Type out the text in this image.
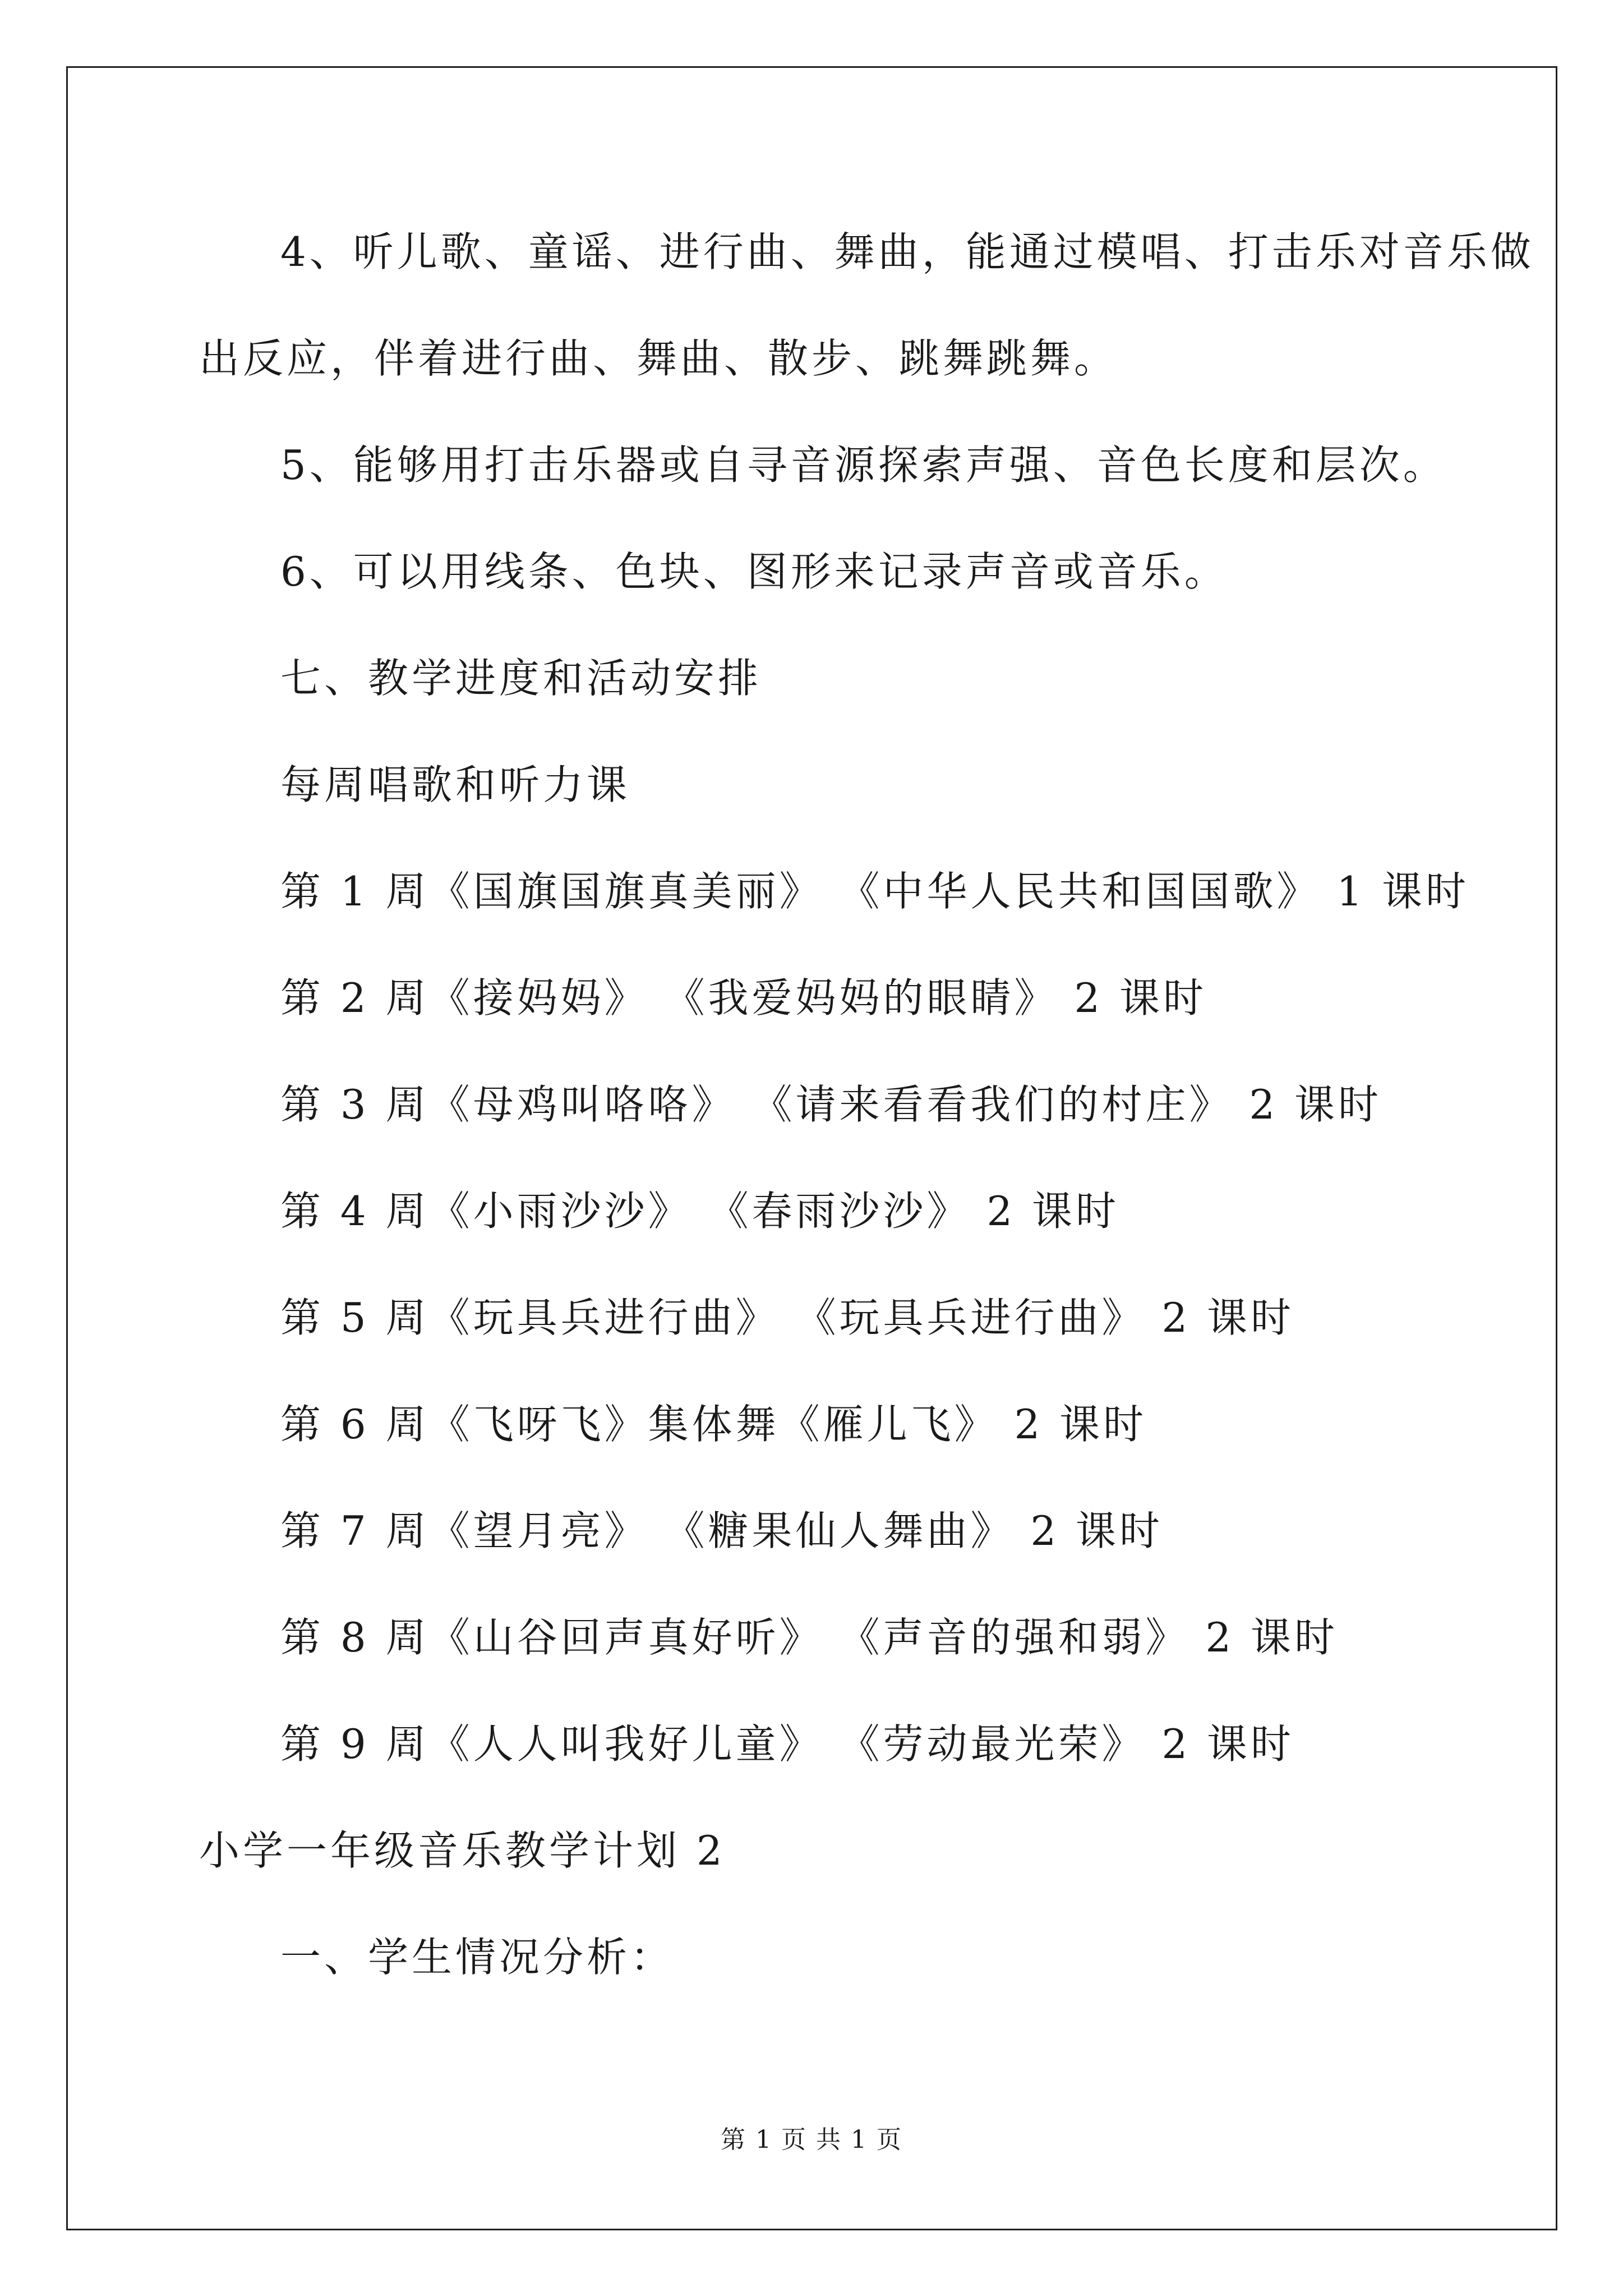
4、听儿歌、童谣、进行曲、舞曲，能通过模唱、打击乐对音乐做
出反应，伴着进行曲、舞曲、散步、跳舞跳舞。
5、能够用打击乐器或自寻音源探索声强、音色长度和层次。
6、可以用线条、色块、图形来记录声音或音乐。
七、教学进度和活动安排
每周唱歌和听力课
第 1 周《国旗国旗真美丽》 《中华人民共和国国歌》 1 课时
第 2 周《接妈妈》 《我爱妈妈的眼睛》 2 课时
第 3 周《母鸡叫咯咯》 《请来看看我们的村庄》 2 课时
第 4 周《小雨沙沙》 《春雨沙沙》 2 课时
第 5 周《玩具兵进行曲》 《玩具兵进行曲》 2 课时
第 6 周《飞呀飞》集体舞《雁儿飞》 2 课时
第 7 周《望月亮》 《糖果仙人舞曲》 2 课时
第 8 周《山谷回声真好听》 《声音的强和弱》 2 课时
第 9 周《人人叫我好儿童》 《劳动最光荣》 2 课时
小学一年级音乐教学计划 2
一、学生情况分析：
第 1 页 共 1 页
